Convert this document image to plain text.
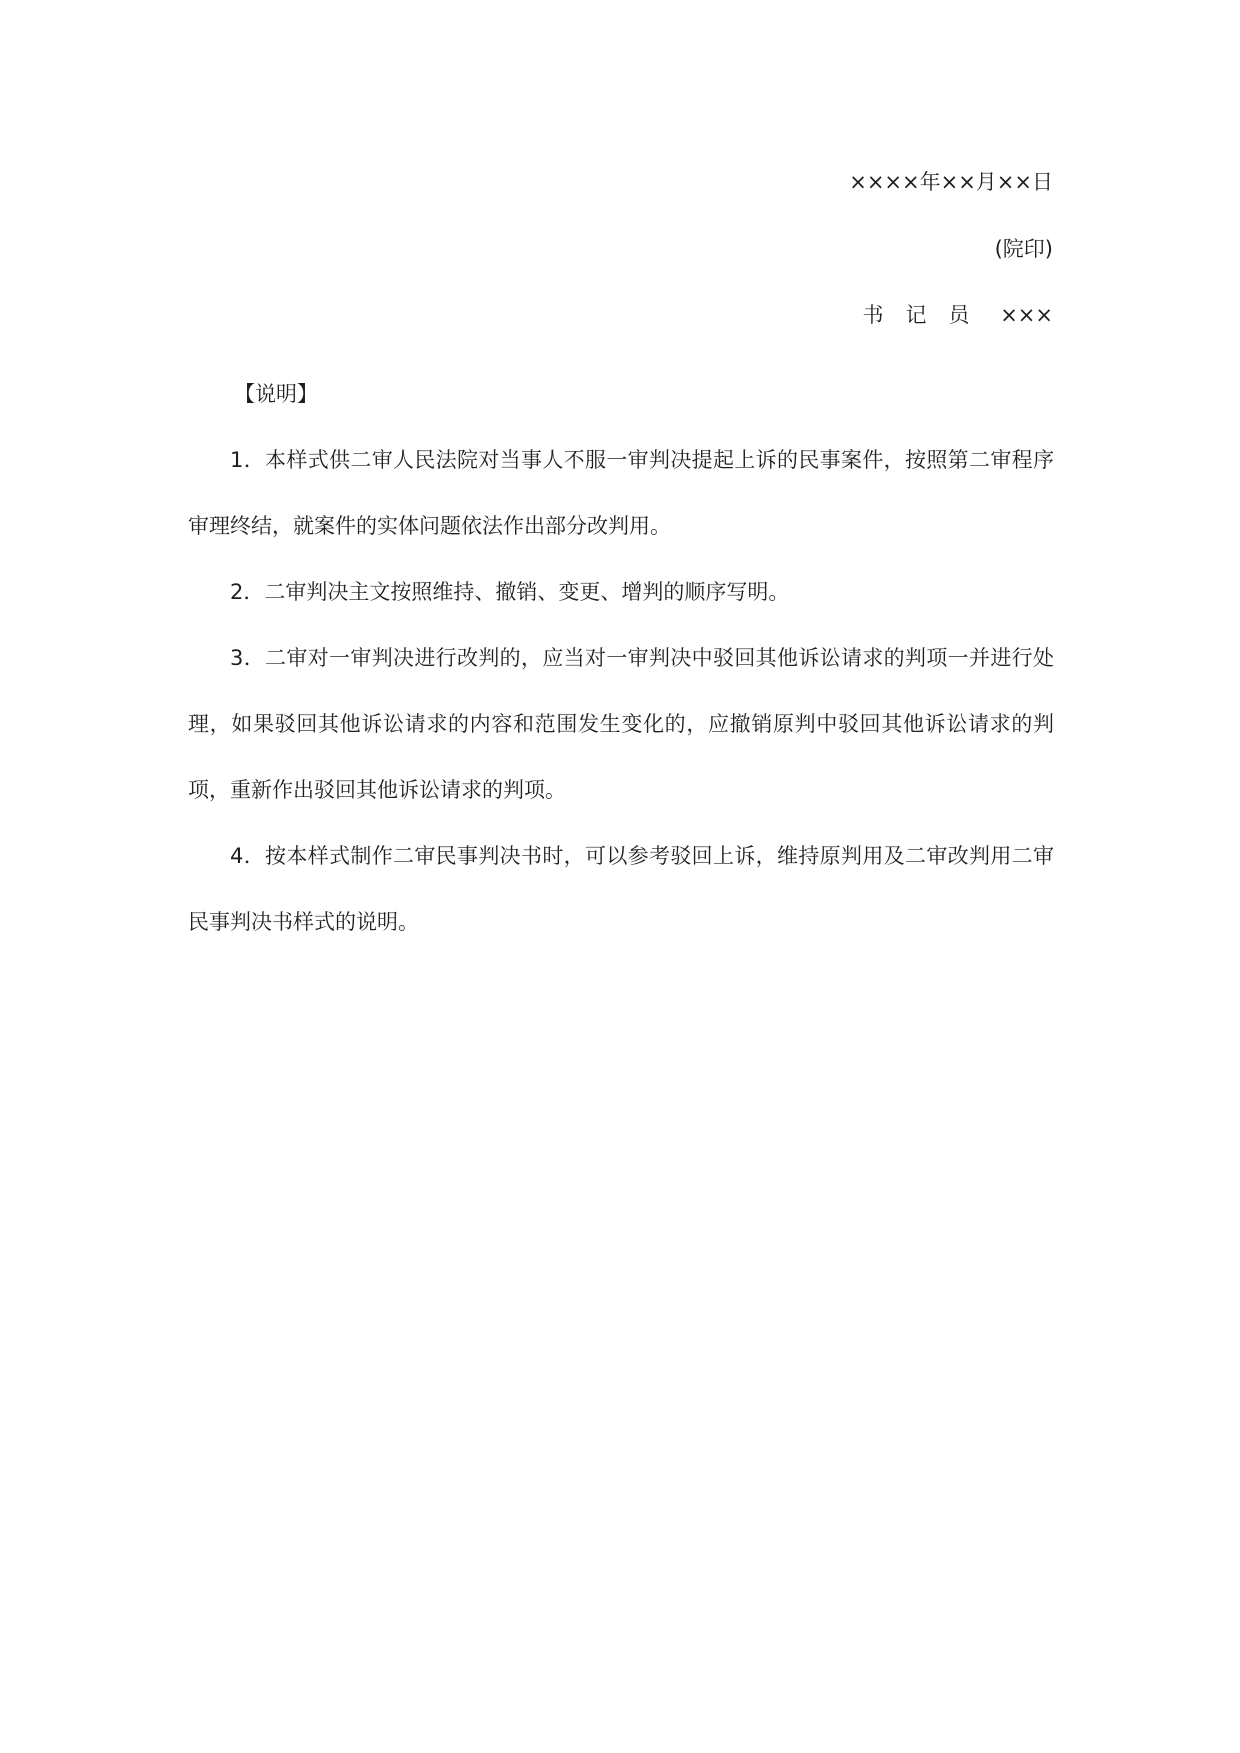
××××年××月××日
(院印)
书记员 ×××

【说明】

1．本样式供二审人民法院对当事人不服一审判决提起上诉的民事案件，按照第二审程序审理终结，就案件的实体问题依法作出部分改判用。

2．二审判决主文按照维持、撤销、变更、增判的顺序写明。

3．二审对一审判决进行改判的，应当对一审判决中驳回其他诉讼请求的判项一并进行处理，如果驳回其他诉讼请求的内容和范围发生变化的，应撤销原判中驳回其他诉讼请求的判项，重新作出驳回其他诉讼请求的判项。

4．按本样式制作二审民事判决书时，可以参考驳回上诉，维持原判用及二审改判用二审民事判决书样式的说明。
